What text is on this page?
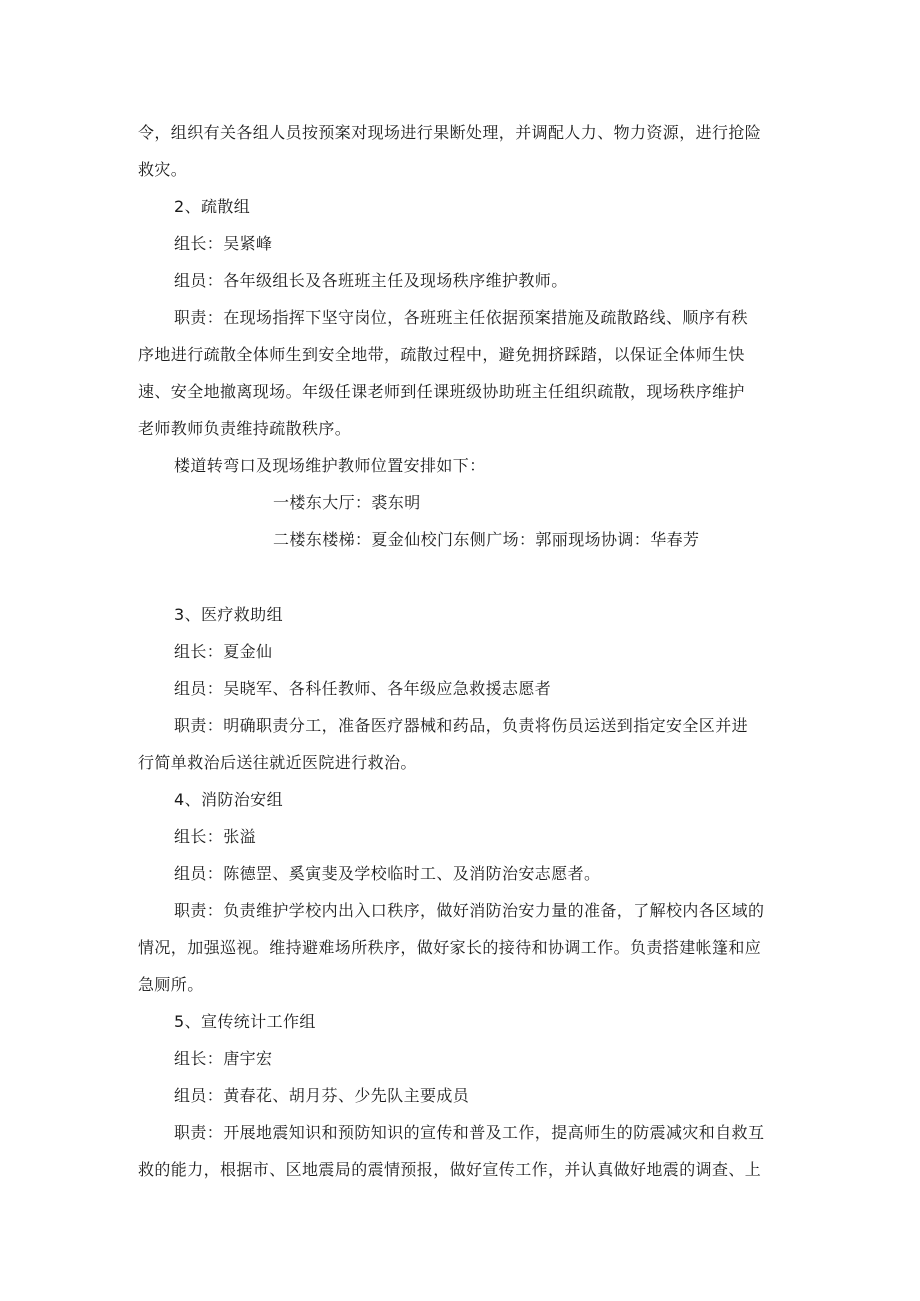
令，组织有关各组人员按预案对现场进行果断处理，并调配人力、物力资源，进行抢险
救灾。
2、疏散组
组长：吴紧峰
组员：各年级组长及各班班主任及现场秩序维护教师。
职责：在现场指挥下坚守岗位，各班班主任依据预案措施及疏散路线、顺序有秩
序地进行疏散全体师生到安全地带，疏散过程中，避免拥挤踩踏，以保证全体师生快
速、安全地撤离现场。年级任课老师到任课班级协助班主任组织疏散，现场秩序维护
老师教师负责维持疏散秩序。
楼道转弯口及现场维护教师位置安排如下：
一楼东大厅：裘东明
二楼东楼梯：夏金仙校门东侧广场：郭丽现场协调：华春芳
3、医疗救助组
组长：夏金仙
组员：吴晓军、各科任教师、各年级应急救援志愿者
职责：明确职责分工，准备医疗器械和药品，负责将伤员运送到指定安全区并进
行简单救治后送往就近医院进行救治。
4、消防治安组
组长：张溢
组员：陈德罡、奚寅斐及学校临时工、及消防治安志愿者。
职责：负责维护学校内出入口秩序，做好消防治安力量的准备，了解校内各区域的
情况，加强巡视。维持避难场所秩序，做好家长的接待和协调工作。负责搭建帐篷和应
急厕所。
5、宣传统计工作组
组长：唐宇宏
组员：黄春花、胡月芬、少先队主要成员
职责：开展地震知识和预防知识的宣传和普及工作，提高师生的防震减灾和自救互
救的能力，根据市、区地震局的震情预报，做好宣传工作，并认真做好地震的调查、上
